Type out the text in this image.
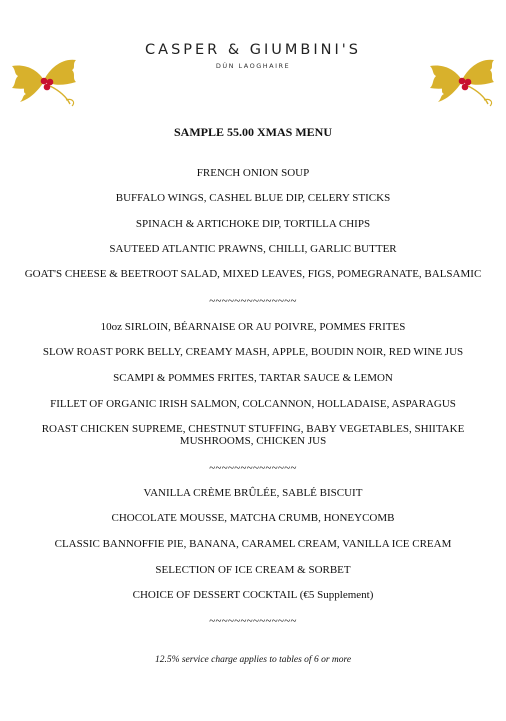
CASPER & GIUMBINI'S
DÚN LAOGHAIRE
SAMPLE 55.00 XMAS MENU
FRENCH ONION SOUP
BUFFALO WINGS, CASHEL BLUE DIP, CELERY STICKS
SPINACH & ARTICHOKE DIP, TORTILLA CHIPS
SAUTEED ATLANTIC PRAWNS, CHILLI, GARLIC BUTTER
GOAT'S CHEESE & BEETROOT SALAD, MIXED LEAVES, FIGS, POMEGRANATE, BALSAMIC
~~~~~~~~~~~~~~
10oz SIRLOIN, BÉARNAISE OR AU POIVRE, POMMES FRITES
SLOW ROAST PORK BELLY, CREAMY MASH, APPLE, BOUDIN NOIR, RED WINE JUS
SCAMPI & POMMES FRITES, TARTAR SAUCE & LEMON
FILLET OF ORGANIC IRISH SALMON, COLCANNON, HOLLADAISE, ASPARAGUS
ROAST CHICKEN SUPREME, CHESTNUT STUFFING, BABY VEGETABLES, SHIITAKE MUSHROOMS, CHICKEN JUS
~~~~~~~~~~~~~~
VANILLA CRÈME BRÛLÉE, SABLÉ BISCUIT
CHOCOLATE MOUSSE, MATCHA CRUMB, HONEYCOMB
CLASSIC BANNOFFIE PIE, BANANA, CARAMEL CREAM, VANILLA ICE CREAM
SELECTION OF ICE CREAM & SORBET
CHOICE OF DESSERT COCKTAIL (€5 Supplement)
~~~~~~~~~~~~~~
12.5% service charge applies to tables of 6 or more
